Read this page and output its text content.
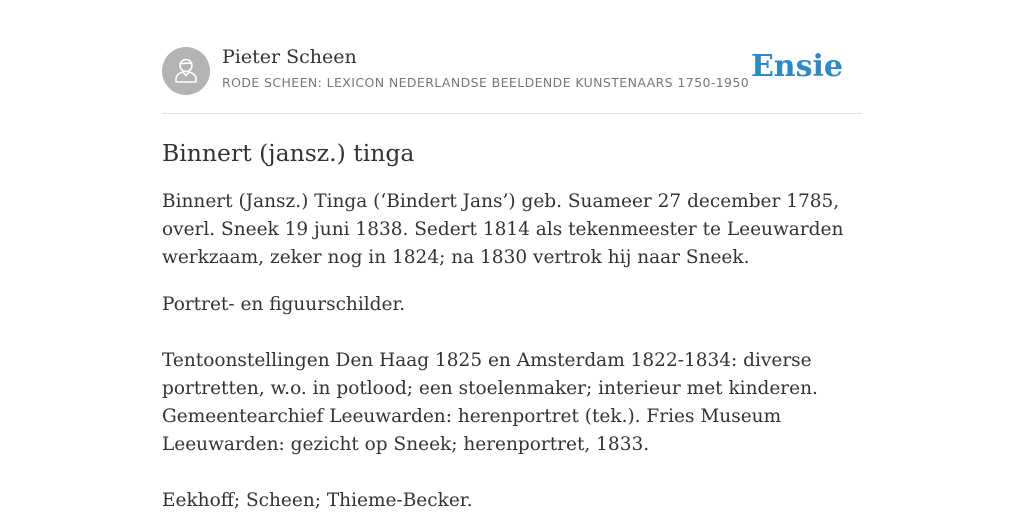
Pieter Scheen
RODE SCHEEN: LEXICON NEDERLANDSE BEELDENDE KUNSTENAARS 1750-1950 Ensie
Binnert (jansz.) tinga

Binnert (Jansz.) Tinga (‘Bindert Jans’) geb. Suameer 27 december 1785, overl. Sneek 19 juni 1838. Sedert 1814 als tekenmeester te Leeuwarden werkzaam, zeker nog in 1824; na 1830 vertrok hij naar Sneek.

Portret- en figuurschilder.

Tentoonstellingen Den Haag 1825 en Amsterdam 1822-1834: diverse portretten, w.o. in potlood; een stoelenmaker; interieur met kinderen. Gemeentearchief Leeuwarden: herenportret (tek.). Fries Museum Leeuwarden: gezicht op Sneek; herenportret, 1833.

Eekhoff; Scheen; Thieme-Becker.
